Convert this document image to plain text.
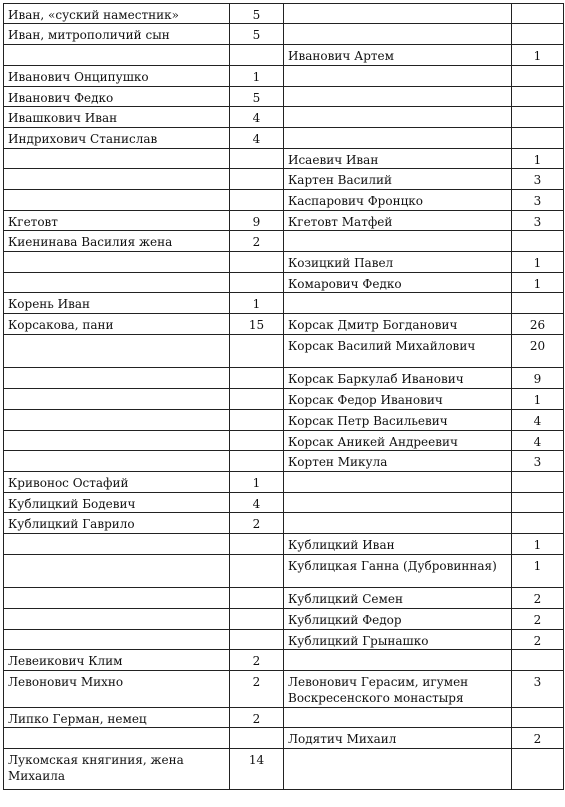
Иван, «суский наместник»	5		
Иван, митрополичий сын	5		
		Иванович Артем	1
Иванович Онципушко	1		
Иванович Федко	5		
Ивашкович Иван	4		
Индрихович Станислав	4		
		Исаевич Иван	1
		Картен Василий	3
		Каспарович Фронцко	3
Кгетовт	9	Кгетовт Матфей	3
Киенинава Василия жена	2		
		Козицкий Павел	1
		Комарович Федко	1
Корень Иван	1		
Корсакова, пани	15	Корсак Дмитр Богданович	26
		Корсак Василий Михайлович	20
		Корсак Баркулаб Иванович	9
		Корсак Федор Иванович	1
		Корсак Петр Васильевич	4
		Корсак Аникей Андреевич	4
		Кортен Микула	3
Кривонос Остафий	1		
Кублицкий Бодевич	4		
Кублицкий Гаврило	2		
		Кублицкий Иван	1
		Кублицкая Ганна (Дубровинная)	1
		Кублицкий Семен	2
		Кублицкий Федор	2
		Кублицкий Грынашко	2
Левеикович Клим	2		
Левонович Михно	2	Левонович Герасим, игумен Воскресенского монастыря	3
Липко Герман, немец	2		
		Лодятич Михаил	2
Лукомская княгиния, жена Михаила	14		
